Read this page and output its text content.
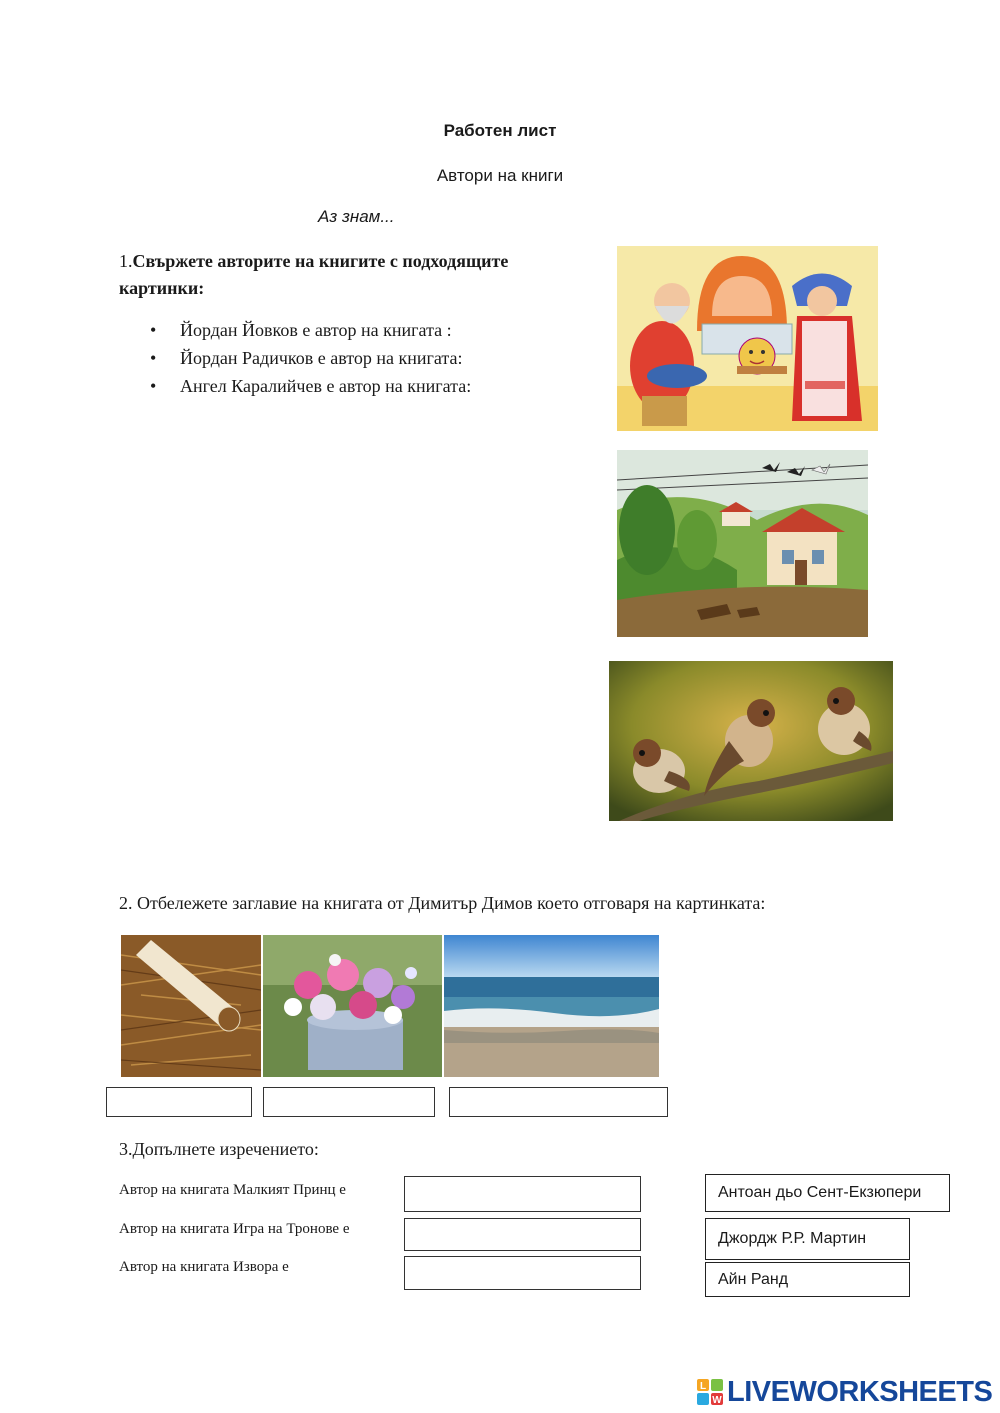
Работен лист
Автори на книги
Аз знам...
1.Свържете авторите на книгите с подходящите картинки:
• Йордан Йовков е автор на книгата :
• Йордан Радичков е автор на книгата:
• Ангел Каралийчев е автор на книгата:
2. Отбележете заглавие на книгата от Димитър Димов което отговаря на картинката:
3.Допълнете изречението:
Автор на книгата Малкият Принц е
Автор на книгата Игра на Тронове е
Автор на книгата Извора е
Антоан дьо Сент-Екзюпери
Джордж Р.Р. Мартин
Айн Ранд
L
W LIVEWORKSHEETS
